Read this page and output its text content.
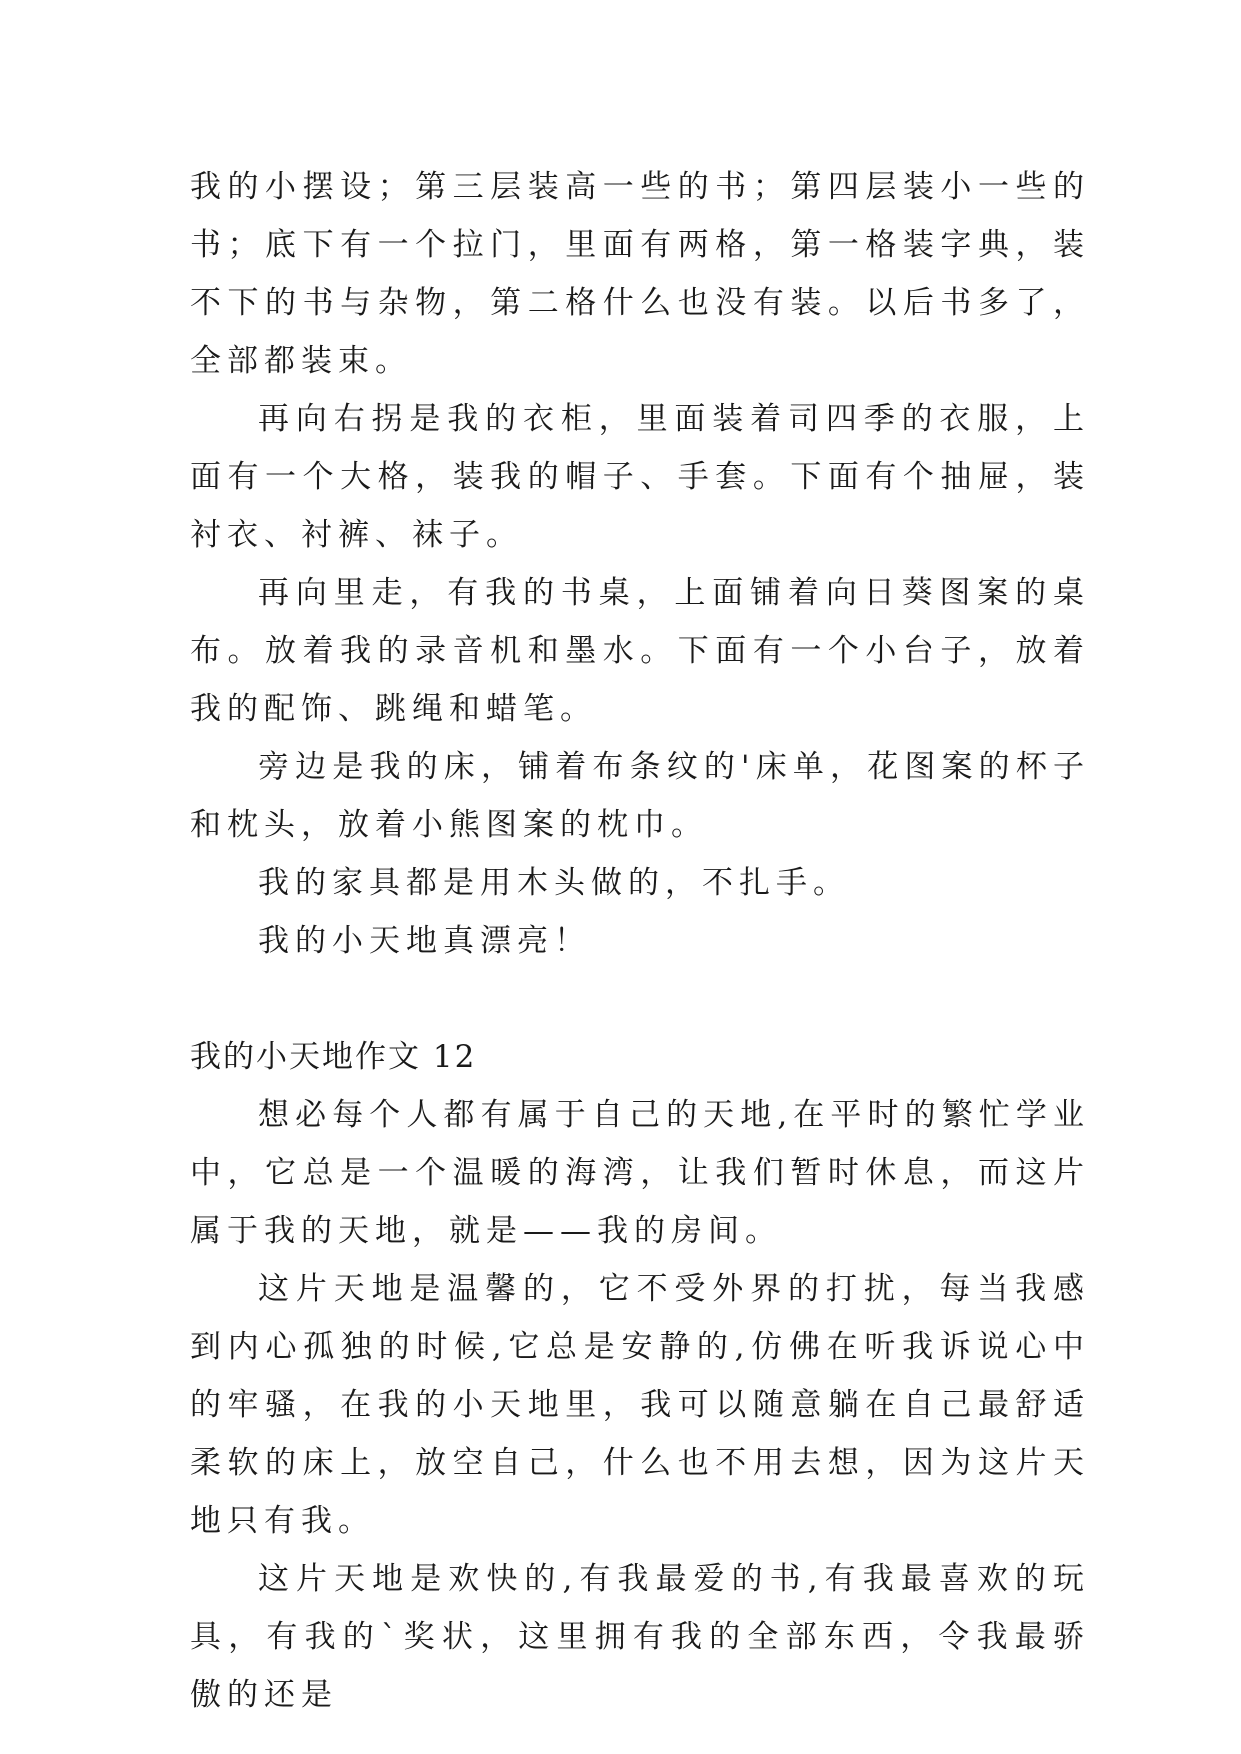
我的小摆设；第三层装高一些的书；第四层装小一些的书；底下有一个拉门，里面有两格，第一格装字典，装不下的书与杂物，第二格什么也没有装。以后书多了，全部都装束。

再向右拐是我的衣柜，里面装着司四季的衣服，上面有一个大格，装我的帽子、手套。下面有个抽屉，装衬衣、衬裤、袜子。

再向里走，有我的书桌，上面铺着向日葵图案的桌布。放着我的录音机和墨水。下面有一个小台子，放着我的配饰、跳绳和蜡笔。

旁边是我的床，铺着布条纹的'床单，花图案的杯子和枕头，放着小熊图案的枕巾。

我的家具都是用木头做的，不扎手。

我的小天地真漂亮！

我的小天地作文 12

想必每个人都有属于自己的天地,在平时的繁忙学业中，它总是一个温暖的海湾，让我们暂时休息，而这片属于我的天地，就是——我的房间。

这片天地是温馨的，它不受外界的打扰，每当我感到内心孤独的时候,它总是安静的,仿佛在听我诉说心中的牢骚，在我的小天地里，我可以随意躺在自己最舒适柔软的床上，放空自己，什么也不用去想，因为这片天地只有我。

这片天地是欢快的,有我最爱的书,有我最喜欢的玩具，有我的`奖状，这里拥有我的全部东西，令我最骄傲的还是
